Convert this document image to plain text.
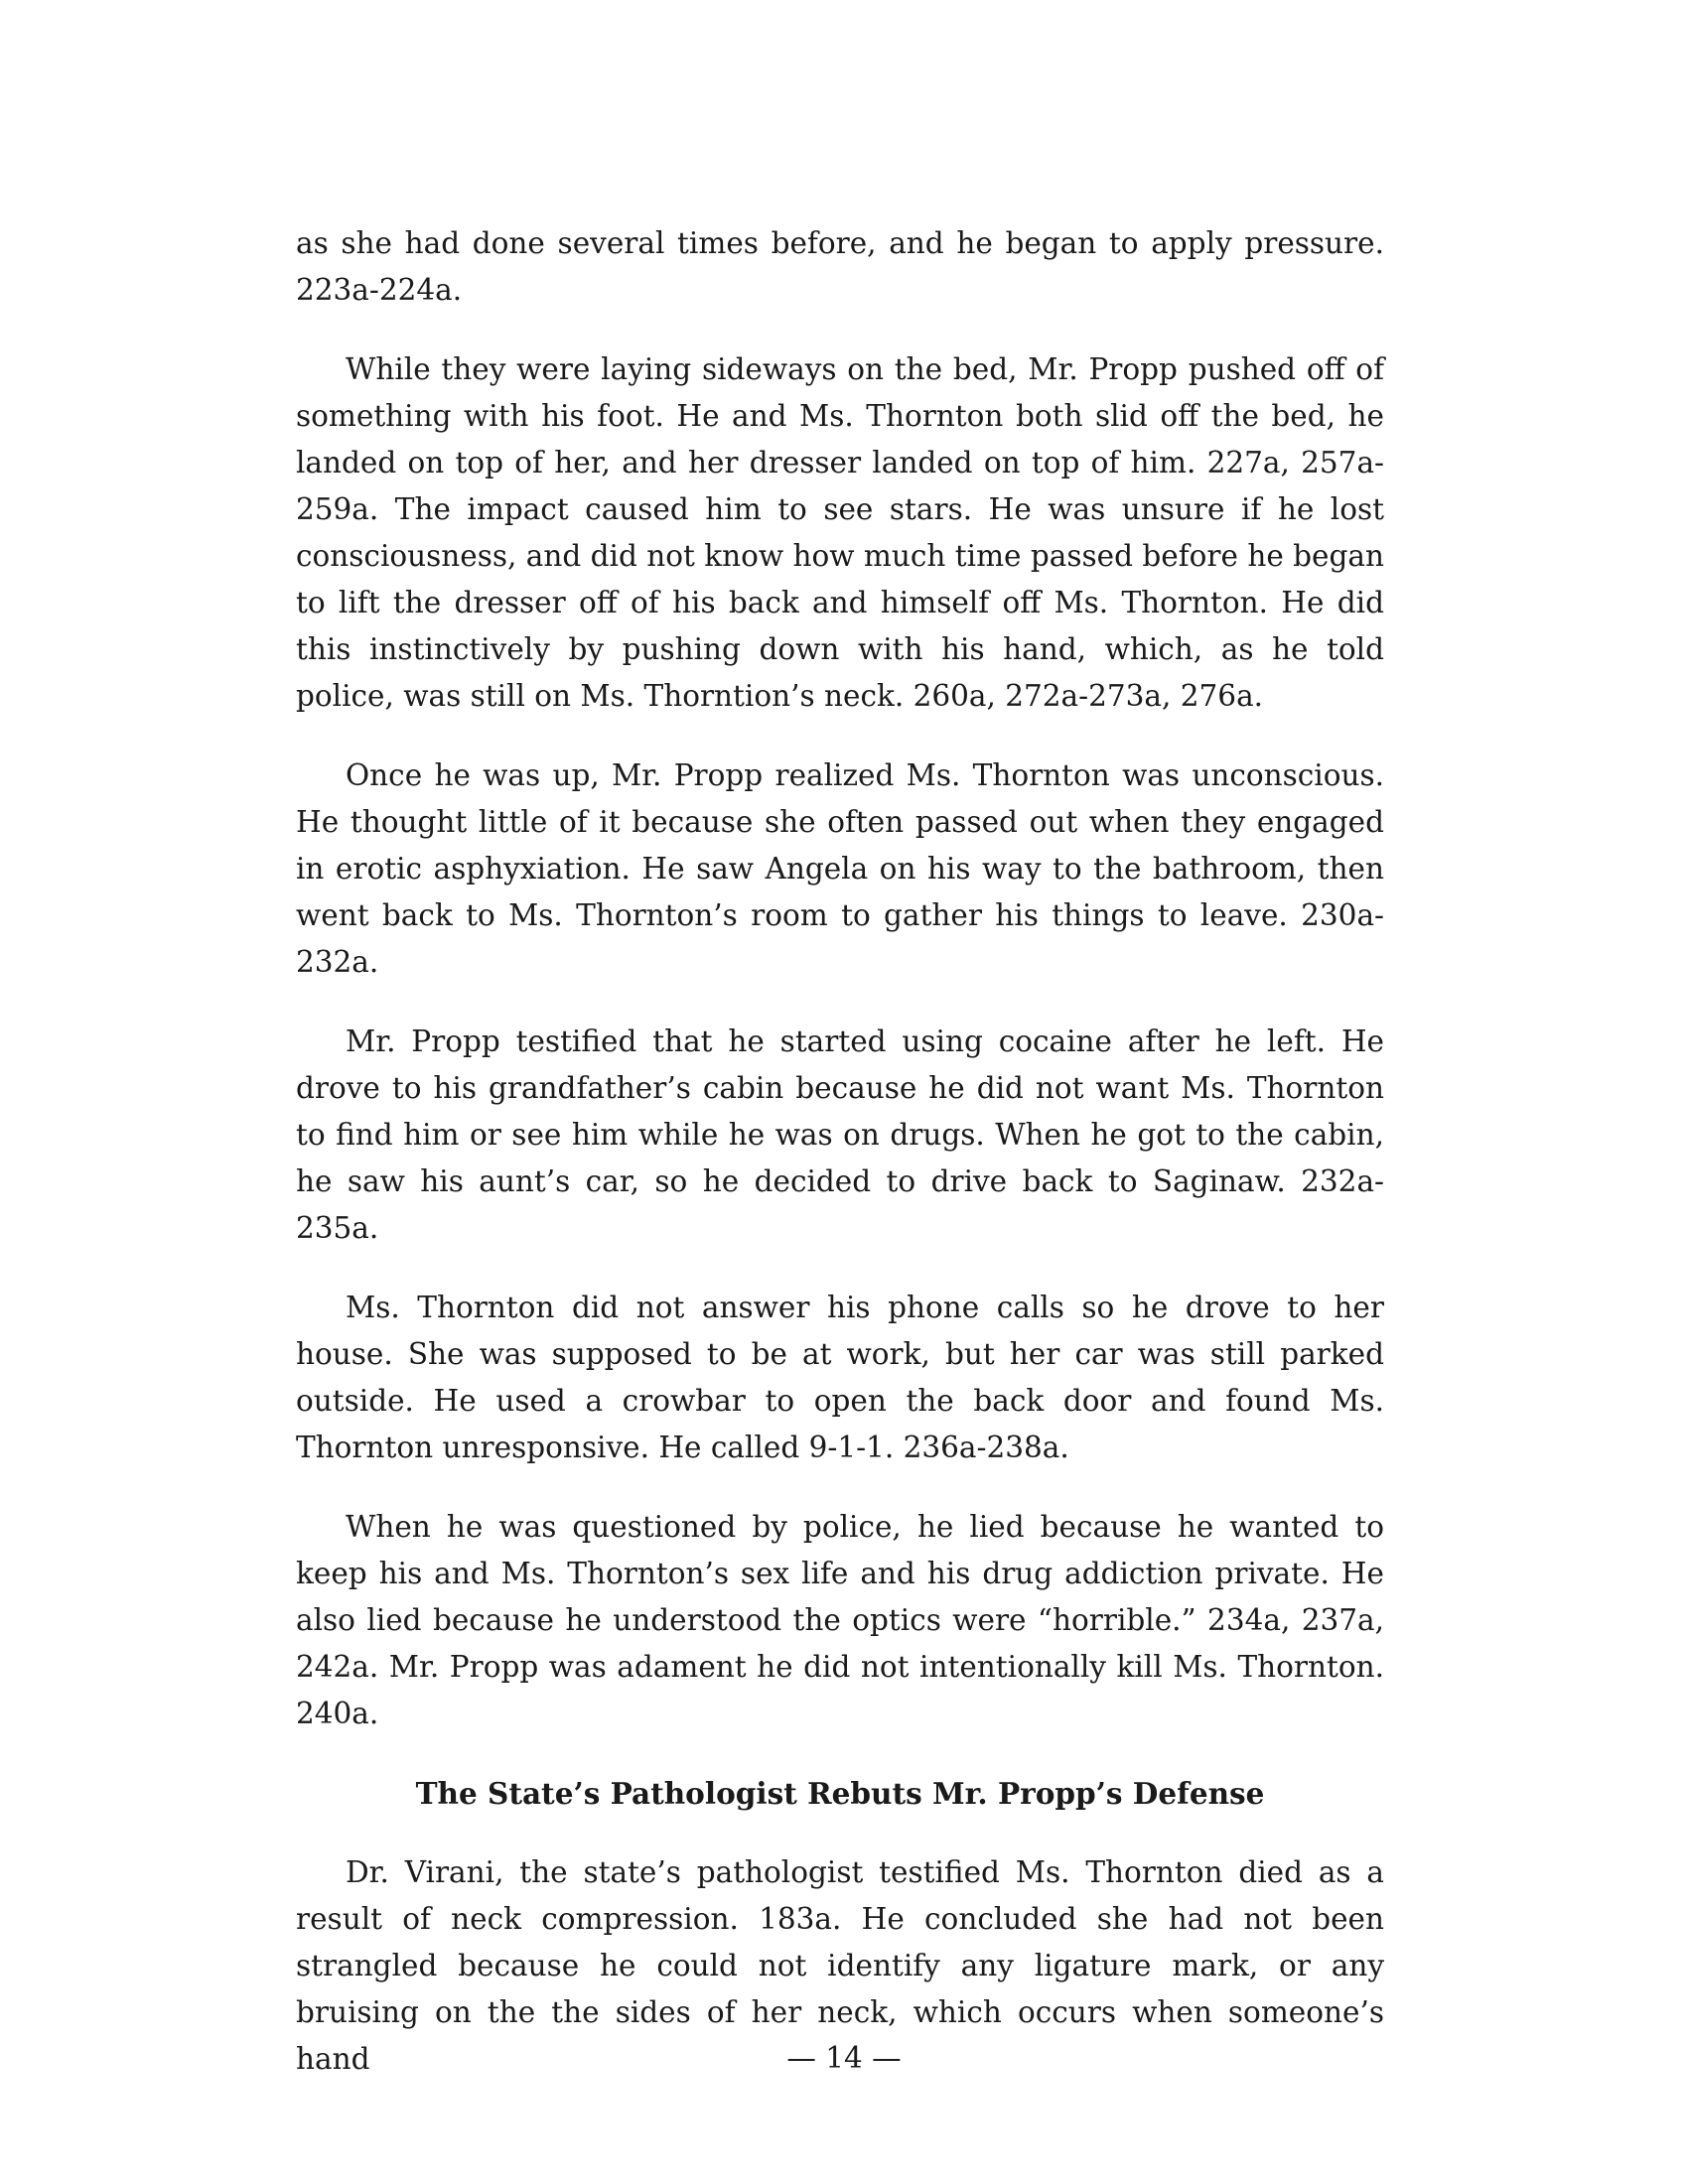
as she had done several times before, and he began to apply pressure. 223a-224a.

While they were laying sideways on the bed, Mr. Propp pushed off of something with his foot. He and Ms. Thornton both slid off the bed, he landed on top of her, and her dresser landed on top of him. 227a, 257a-259a. The impact caused him to see stars. He was unsure if he lost consciousness, and did not know how much time passed before he began to lift the dresser off of his back and himself off Ms. Thornton. He did this instinctively by pushing down with his hand, which, as he told police, was still on Ms. Thorntion’s neck. 260a, 272a-273a, 276a.

Once he was up, Mr. Propp realized Ms. Thornton was unconscious. He thought little of it because she often passed out when they engaged in erotic asphyxiation. He saw Angela on his way to the bathroom, then went back to Ms. Thornton’s room to gather his things to leave. 230a-232a.

Mr. Propp testified that he started using cocaine after he left. He drove to his grandfather’s cabin because he did not want Ms. Thornton to find him or see him while he was on drugs. When he got to the cabin, he saw his aunt’s car, so he decided to drive back to Saginaw. 232a-235a.

Ms. Thornton did not answer his phone calls so he drove to her house. She was supposed to be at work, but her car was still parked outside. He used a crowbar to open the back door and found Ms. Thornton unresponsive. He called 9-1-1. 236a-238a.

When he was questioned by police, he lied because he wanted to keep his and Ms. Thornton’s sex life and his drug addiction private. He also lied because he understood the optics were “horrible.” 234a, 237a, 242a. Mr. Propp was adament he did not intentionally kill Ms. Thornton. 240a.

The State’s Pathologist Rebuts Mr. Propp’s Defense

Dr. Virani, the state’s pathologist testified Ms. Thornton died as a result of neck compression. 183a. He concluded she had not been strangled because he could not identify any ligature mark, or any bruising on the the sides of her neck, which occurs when someone’s hand	— 14 —
